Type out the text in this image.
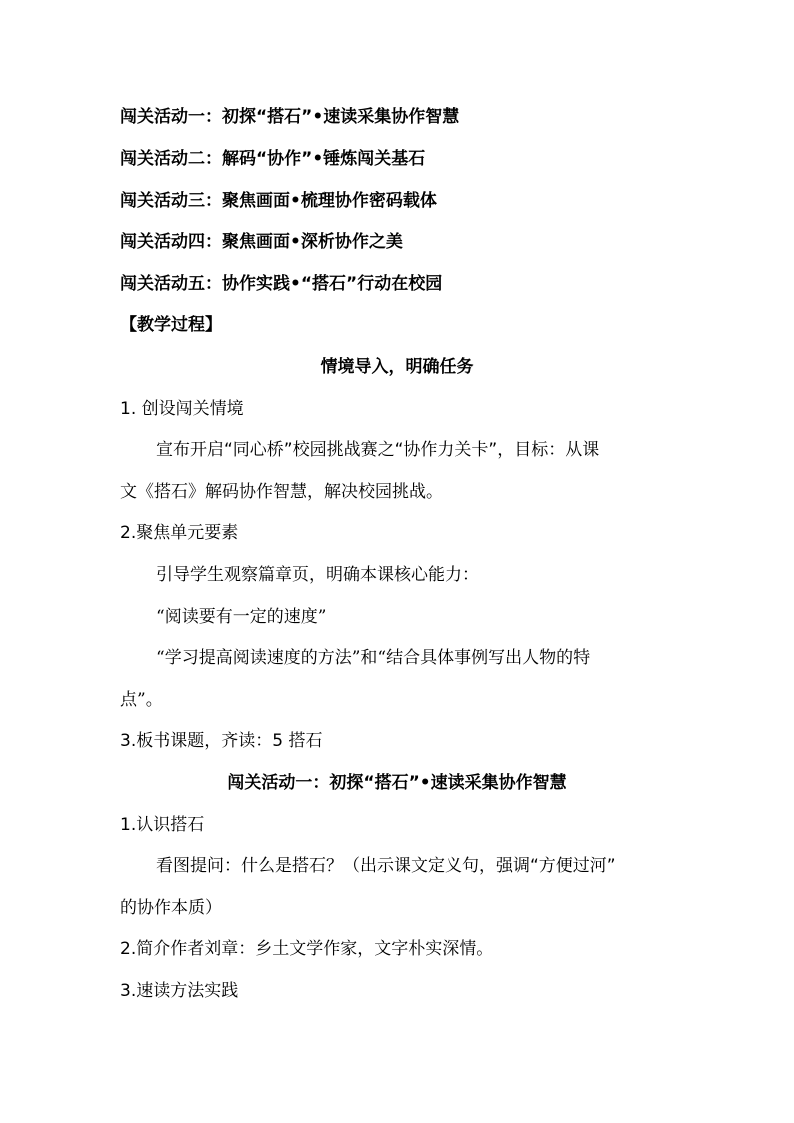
闯关活动一：初探“搭石”•速读采集协作智慧
闯关活动二：解码“协作”•锤炼闯关基石
闯关活动三：聚焦画面•梳理协作密码载体
闯关活动四：聚焦画面•深析协作之美
闯关活动五：协作实践•“搭石”行动在校园
【教学过程】
情境导入，明确任务
1. 创设闯关情境
宣布开启“同心桥”校园挑战赛之“协作力关卡”，目标：从课
文《搭石》解码协作智慧，解决校园挑战。
2.聚焦单元要素
引导学生观察篇章页，明确本课核心能力：
“阅读要有一定的速度”
“学习提高阅读速度的方法”和“结合具体事例写出人物的特
点”。
3.板书课题，齐读：5 搭石
闯关活动一：初探“搭石”•速读采集协作智慧
1.认识搭石
看图提问：什么是搭石？（出示课文定义句，强调“方便过河”
的协作本质）
2.简介作者刘章：乡土文学作家，文字朴实深情。
3.速读方法实践
